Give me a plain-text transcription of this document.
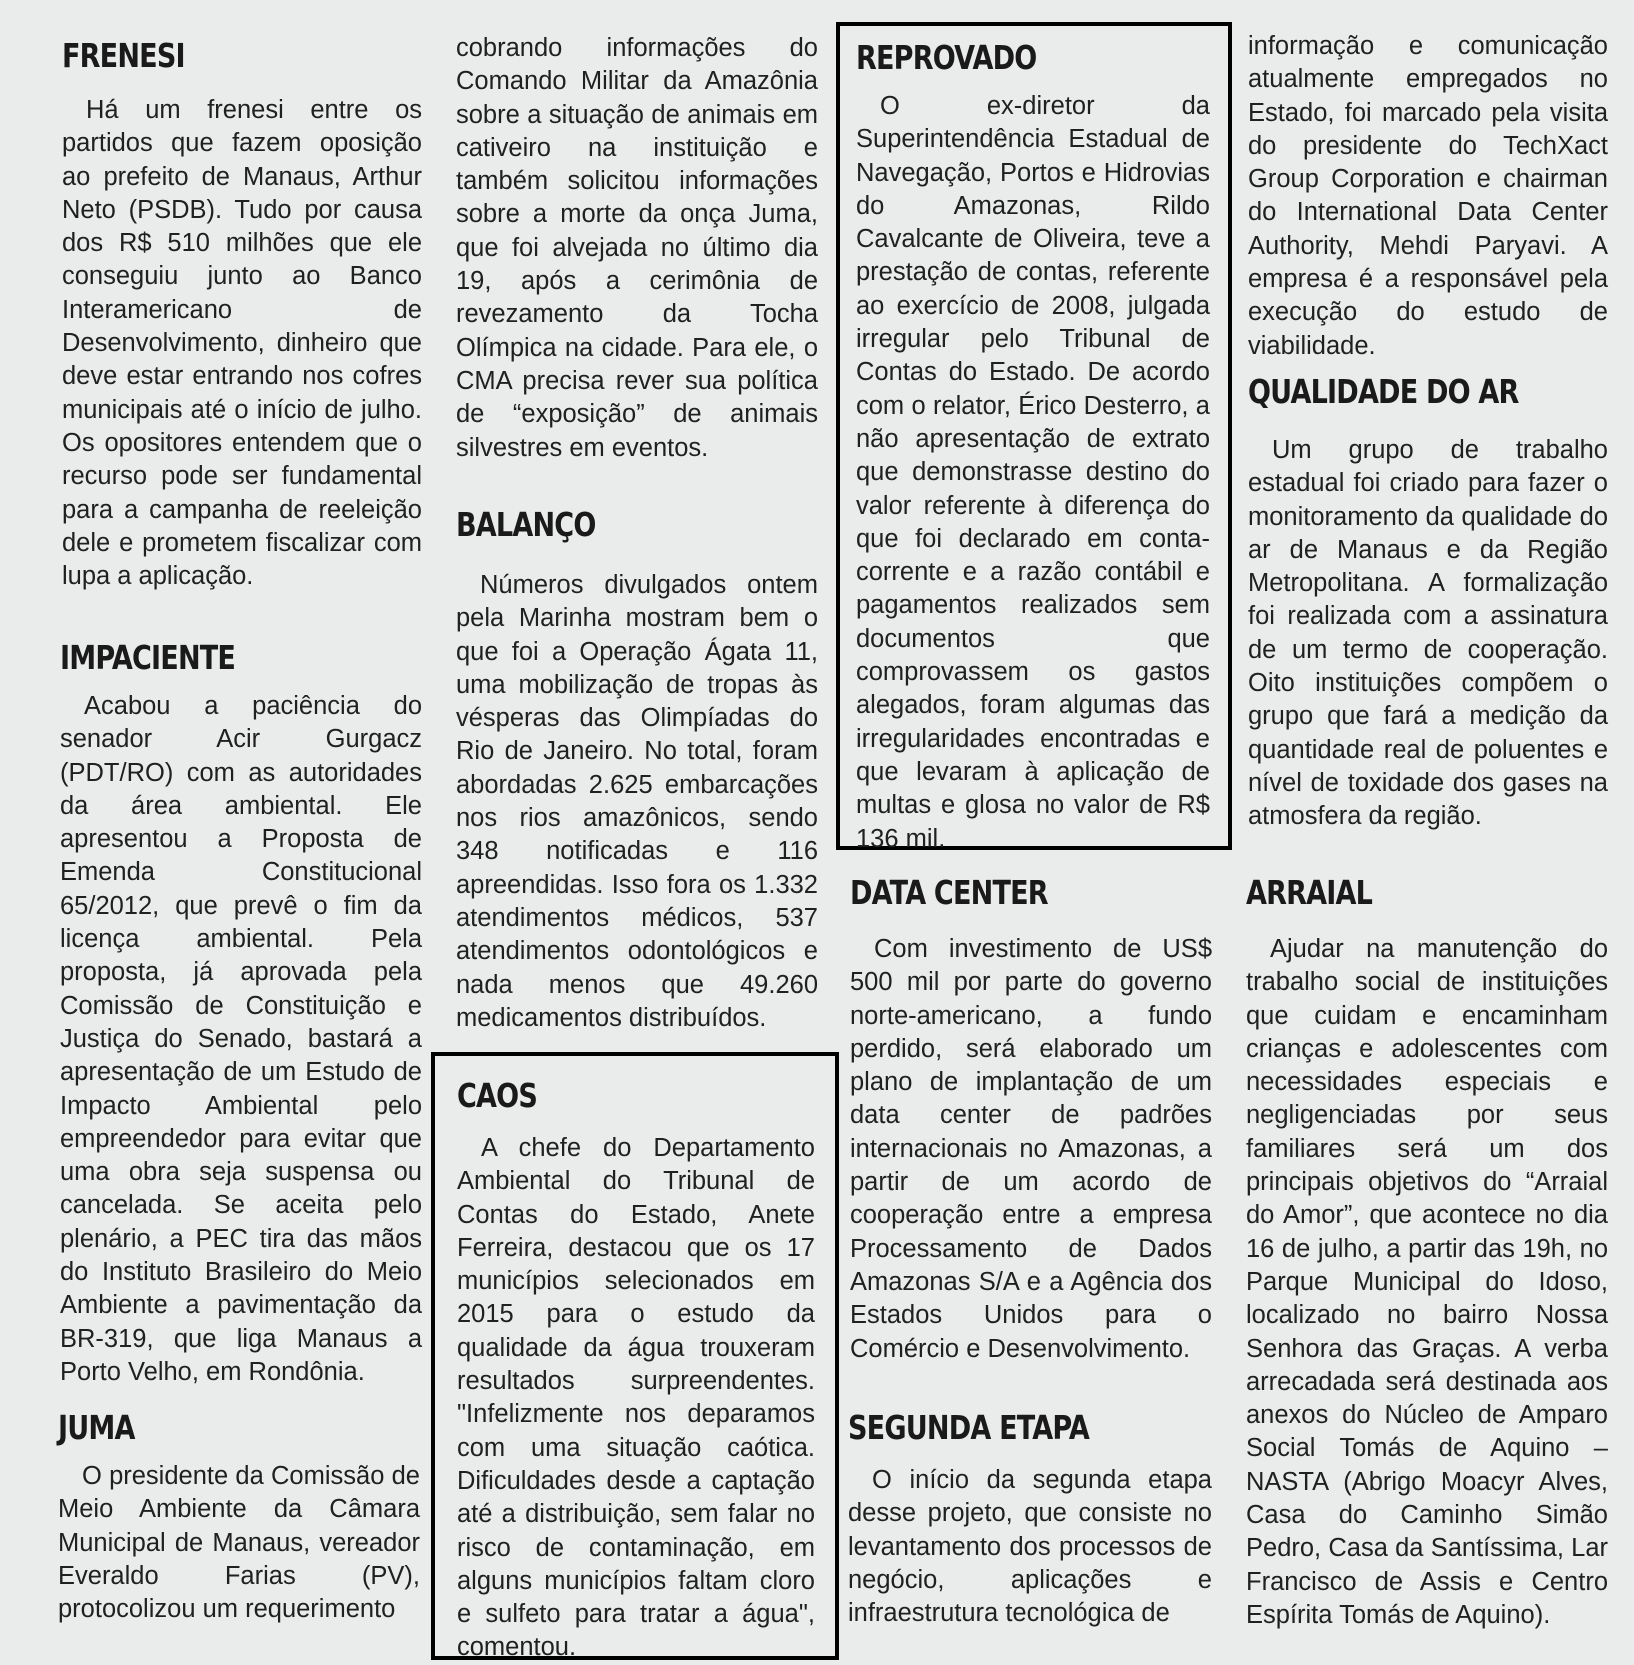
FRENESI

Há um frenesi entre os partidos que fazem oposição ao prefeito de Manaus, Arthur Neto (PSDB). Tudo por causa dos R$ 510 milhões que ele conseguiu junto ao Banco Interamericano de Desenvolvimento, dinheiro que deve estar entrando nos cofres municipais até o início de julho. Os opositores entendem que o recurso pode ser fundamental para a campanha de reeleição dele e prometem fiscalizar com lupa a aplicação.

IMPACIENTE

Acabou a paciência do senador Acir Gurgacz (PDT/RO) com as autoridades da área ambiental. Ele apresentou a Proposta de Emenda Constitucional 65/2012, que prevê o fim da licença ambiental. Pela proposta, já aprovada pela Comissão de Constituição e Justiça do Senado, bastará a apresentação de um Estudo de Impacto Ambiental pelo empreendedor para evitar que uma obra seja suspensa ou cancelada. Se aceita pelo plenário, a PEC tira das mãos do Instituto Brasileiro do Meio Ambiente a pavimentação da BR-319, que liga Manaus a Porto Velho, em Rondônia.

JUMA

O presidente da Comissão de Meio Ambiente da Câmara Municipal de Manaus, vereador Everaldo Farias (PV), protocolizou um requerimento

cobrando informações do Comando Militar da Amazônia sobre a situação de animais em cativeiro na instituição e também solicitou informações sobre a morte da onça Juma, que foi alvejada no último dia 19, após a cerimônia de revezamento da Tocha Olímpica na cidade. Para ele, o CMA precisa rever sua política de “exposição” de animais silvestres em eventos.

BALANÇO

Números divulgados ontem pela Marinha mostram bem o que foi a Operação Ágata 11, uma mobilização de tropas às vésperas das Olimpíadas do Rio de Janeiro. No total, foram abordadas 2.625 embarcações nos rios amazônicos, sendo 348 notificadas e 116 apreendidas. Isso fora os 1.332 atendimentos médicos, 537 atendimentos odontológicos e nada menos que 49.260 medicamentos distribuídos.

CAOS

A chefe do Departamento Ambiental do Tribunal de Contas do Estado, Anete Ferreira, destacou que os 17 municípios selecionados em 2015 para o estudo da qualidade da água trouxeram resultados surpreendentes. "Infelizmente nos deparamos com uma situação caótica. Dificuldades desde a captação até a distribuição, sem falar no risco de contaminação, em alguns municípios faltam cloro e sulfeto para tratar a água", comentou.

REPROVADO

O ex-diretor da Superintendência Estadual de Navegação, Portos e Hidrovias do Amazonas, Rildo Cavalcante de Oliveira, teve a prestação de contas, referente ao exercício de 2008, julgada irregular pelo Tribunal de Contas do Estado. De acordo com o relator, Érico Desterro, a não apresentação de extrato que demonstrasse destino do valor referente à diferença do que foi declarado em conta-corrente e a razão contábil e pagamentos realizados sem documentos que comprovassem os gastos alegados, foram algumas das irregularidades encontradas e que levaram à aplicação de multas e glosa no valor de R$ 136 mil.

DATA CENTER

Com investimento de US$ 500 mil por parte do governo norte-americano, a fundo perdido, será elaborado um plano de implantação de um data center de padrões internacionais no Amazonas, a partir de um acordo de cooperação entre a empresa Processamento de Dados Amazonas S/A e a Agência dos Estados Unidos para o Comércio e Desenvolvimento.

SEGUNDA ETAPA

O início da segunda etapa desse projeto, que consiste no levantamento dos processos de negócio, aplicações e infraestrutura tecnológica de

informação e comunicação atualmente empregados no Estado, foi marcado pela visita do presidente do TechXact Group Corporation e chairman do International Data Center Authority, Mehdi Paryavi. A empresa é a responsável pela execução do estudo de viabilidade.

QUALIDADE DO AR

Um grupo de trabalho estadual foi criado para fazer o monitoramento da qualidade do ar de Manaus e da Região Metropolitana. A formalização foi realizada com a assinatura de um termo de cooperação. Oito instituições compõem o grupo que fará a medição da quantidade real de poluentes e nível de toxidade dos gases na atmosfera da região.

ARRAIAL

Ajudar na manutenção do trabalho social de instituições que cuidam e encaminham crianças e adolescentes com necessidades especiais e negligenciadas por seus familiares será um dos principais objetivos do “Arraial do Amor”, que acontece no dia 16 de julho, a partir das 19h, no Parque Municipal do Idoso, localizado no bairro Nossa Senhora das Graças. A verba arrecadada será destinada aos anexos do Núcleo de Amparo Social Tomás de Aquino – NASTA (Abrigo Moacyr Alves, Casa do Caminho Simão Pedro, Casa da Santíssima, Lar Francisco de Assis e Centro Espírita Tomás de Aquino).
